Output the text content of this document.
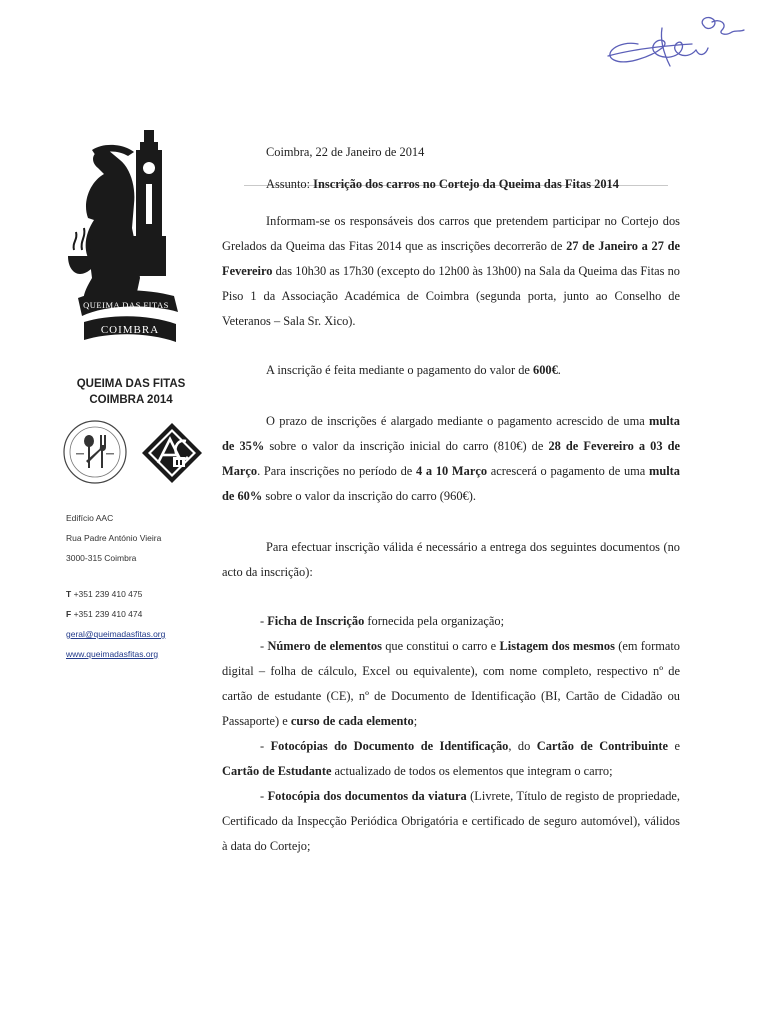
QUEIMA DAS FITAS
COIMBRA
QUEIMA DAS FITAS
COIMBRA 2014
Edifício AAC
Rua Padre António Vieira
3000-315 Coimbra
T +351 239 410 475
F +351 239 410 474
geral@queimadasfitas.org
www.queimadasfitas.org

Coimbra, 22 de Janeiro de 2014

Assunto: Inscrição dos carros no Cortejo da Queima das Fitas 2014

Informam-se os responsáveis dos carros que pretendem participar no Cortejo dos Grelados da Queima das Fitas 2014 que as inscrições decorrerão de 27 de Janeiro a 27 de Fevereiro das 10h30 as 17h30 (excepto do 12h00 às 13h00) na Sala da Queima das Fitas no Piso 1 da Associação Académica de Coimbra (segunda porta, junto ao Conselho de Veteranos – Sala Sr. Xico).

A inscrição é feita mediante o pagamento do valor de 600€.

O prazo de inscrições é alargado mediante o pagamento acrescido de uma multa de 35% sobre o valor da inscrição inicial do carro (810€) de 28 de Fevereiro a 03 de Março. Para inscrições no período de 4 a 10 Março acrescerá o pagamento de uma multa de 60% sobre o valor da inscrição do carro (960€).

Para efectuar inscrição válida é necessário a entrega dos seguintes documentos (no acto da inscrição):

- Ficha de Inscrição fornecida pela organização;

- Número de elementos que constitui o carro e Listagem dos mesmos (em formato digital – folha de cálculo, Excel ou equivalente), com nome completo, respectivo nº de cartão de estudante (CE), nº de Documento de Identificação (BI, Cartão de Cidadão ou Passaporte) e curso de cada elemento;

- Fotocópias do Documento de Identificação, do Cartão de Contribuinte e Cartão de Estudante actualizado de todos os elementos que integram o carro;

- Fotocópia dos documentos da viatura (Livrete, Título de registo de propriedade, Certificado da Inspecção Periódica Obrigatória e certificado de seguro automóvel), válidos à data do Cortejo;
